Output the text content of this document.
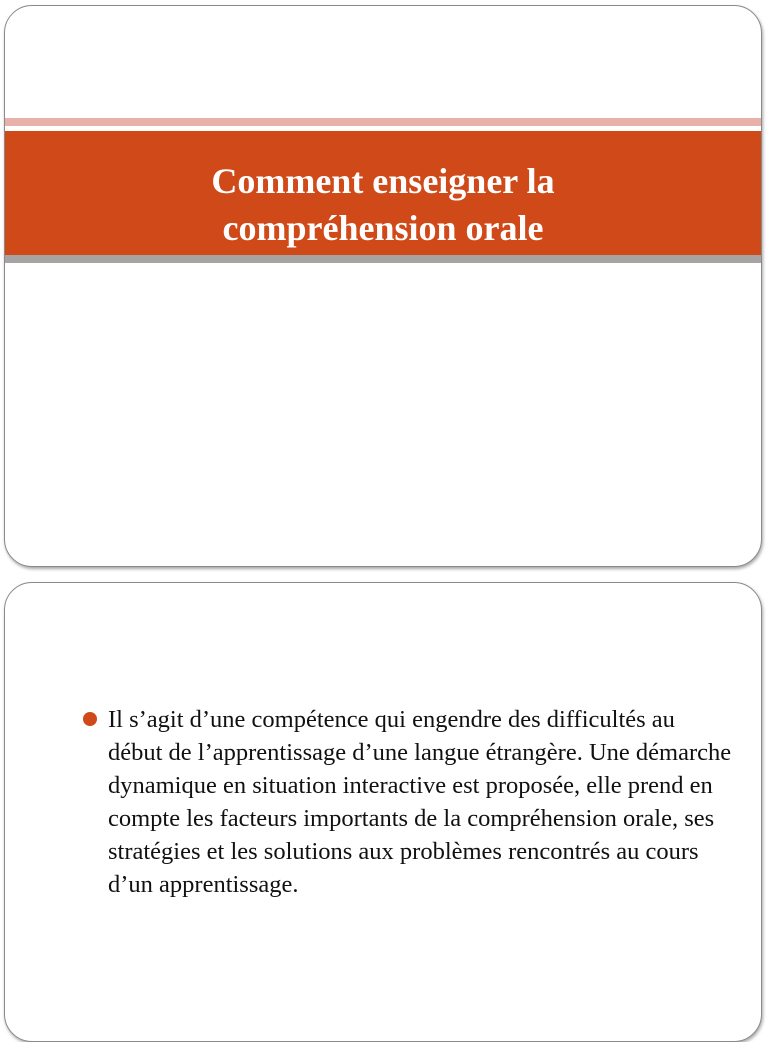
Comment enseigner la
compréhension orale

Il s’agit d’une compétence qui engendre des difficultés au début de l’apprentissage d’une langue étrangère. Une démarche dynamique en situation interactive est proposée, elle prend en compte les facteurs importants de la compréhension orale, ses stratégies et les solutions aux problèmes rencontrés au cours d’un apprentissage.
